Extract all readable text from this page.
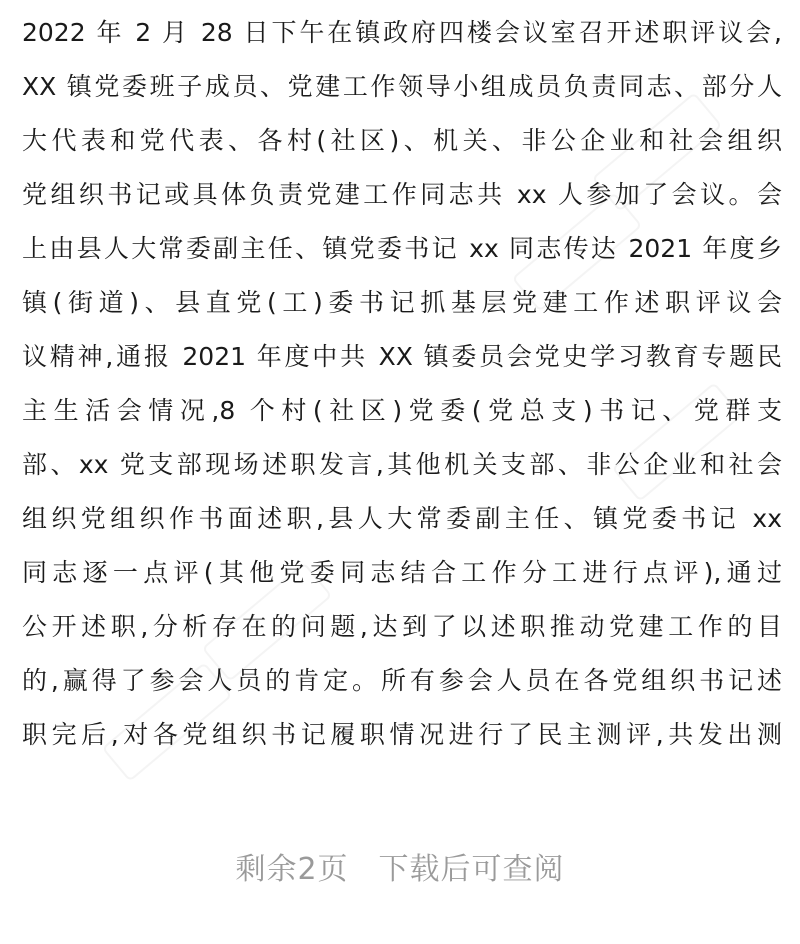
2022 年 2 月 28 日下午在镇政府四楼会议室召开述职评议会,
XX 镇党委班子成员、党建工作领导小组成员负责同志、部分人
大代表和党代表、各村(社区)、机关、非公企业和社会组织
党组织书记或具体负责党建工作同志共 xx 人参加了会议。会
上由县人大常委副主任、镇党委书记 xx 同志传达 2021 年度乡
镇(街道)、县直党(工)委书记抓基层党建工作述职评议会
议精神,通报 2021 年度中共 XX 镇委员会党史学习教育专题民
主生活会情况,8 个村(社区)党委(党总支)书记、党群支
部、xx 党支部现场述职发言,其他机关支部、非公企业和社会
组织党组织作书面述职,县人大常委副主任、镇党委书记 xx
同志逐一点评(其他党委同志结合工作分工进行点评),通过
公开述职,分析存在的问题,达到了以述职推动党建工作的目
的,赢得了参会人员的肯定。所有参会人员在各党组织书记述
职完后,对各党组织书记履职情况进行了民主测评,共发出测
剩余2页 下载后可查阅
